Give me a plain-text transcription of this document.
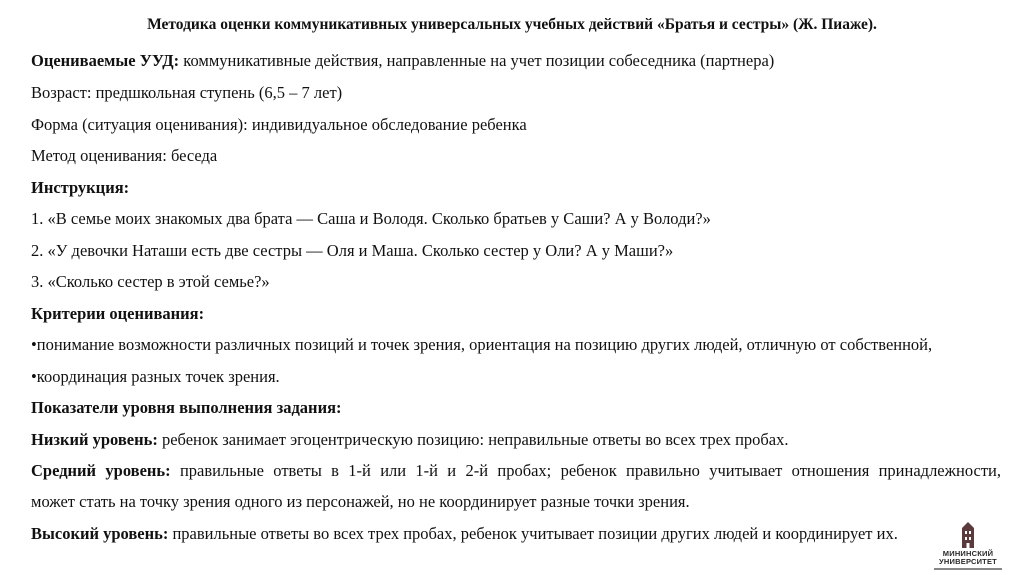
Методика оценки коммуникативных универсальных учебных действий «Братья и сестры» (Ж. Пиаже).
Оцениваемые УУД: коммуникативные действия, направленные на учет позиции собеседника (партнера)
Возраст: предшкольная ступень (6,5 – 7 лет)
Форма (ситуация оценивания): индивидуальное обследование ребенка
Метод оценивания: беседа
Инструкция:
1. «В семье моих знакомых два брата — Саша и Володя. Сколько братьев у Саши? А у Володи?»
2. «У девочки Наташи есть две сестры — Оля и Маша. Сколько сестер у Оли? А у Маши?»
3. «Сколько сестер в этой семье?»
Критерии оценивания:
•понимание возможности различных позиций и точек зрения, ориентация на позицию других людей, отличную от собственной,
•координация разных точек зрения.
Показатели уровня выполнения задания:
Низкий уровень: ребенок занимает эгоцентрическую позицию: неправильные ответы во всех трех пробах.
Средний уровень: правильные ответы в 1-й или 1-й и 2-й пробах; ребенок правильно учитывает отношения принадлежности,
может стать на точку зрения одного из персонажей, но не координирует разные точки зрения.
Высокий уровень: правильные ответы во всех трех пробах, ребенок учитывает позиции других людей и координирует их.
МИНИНСКИЙ
УНИВЕРСИТЕТ
